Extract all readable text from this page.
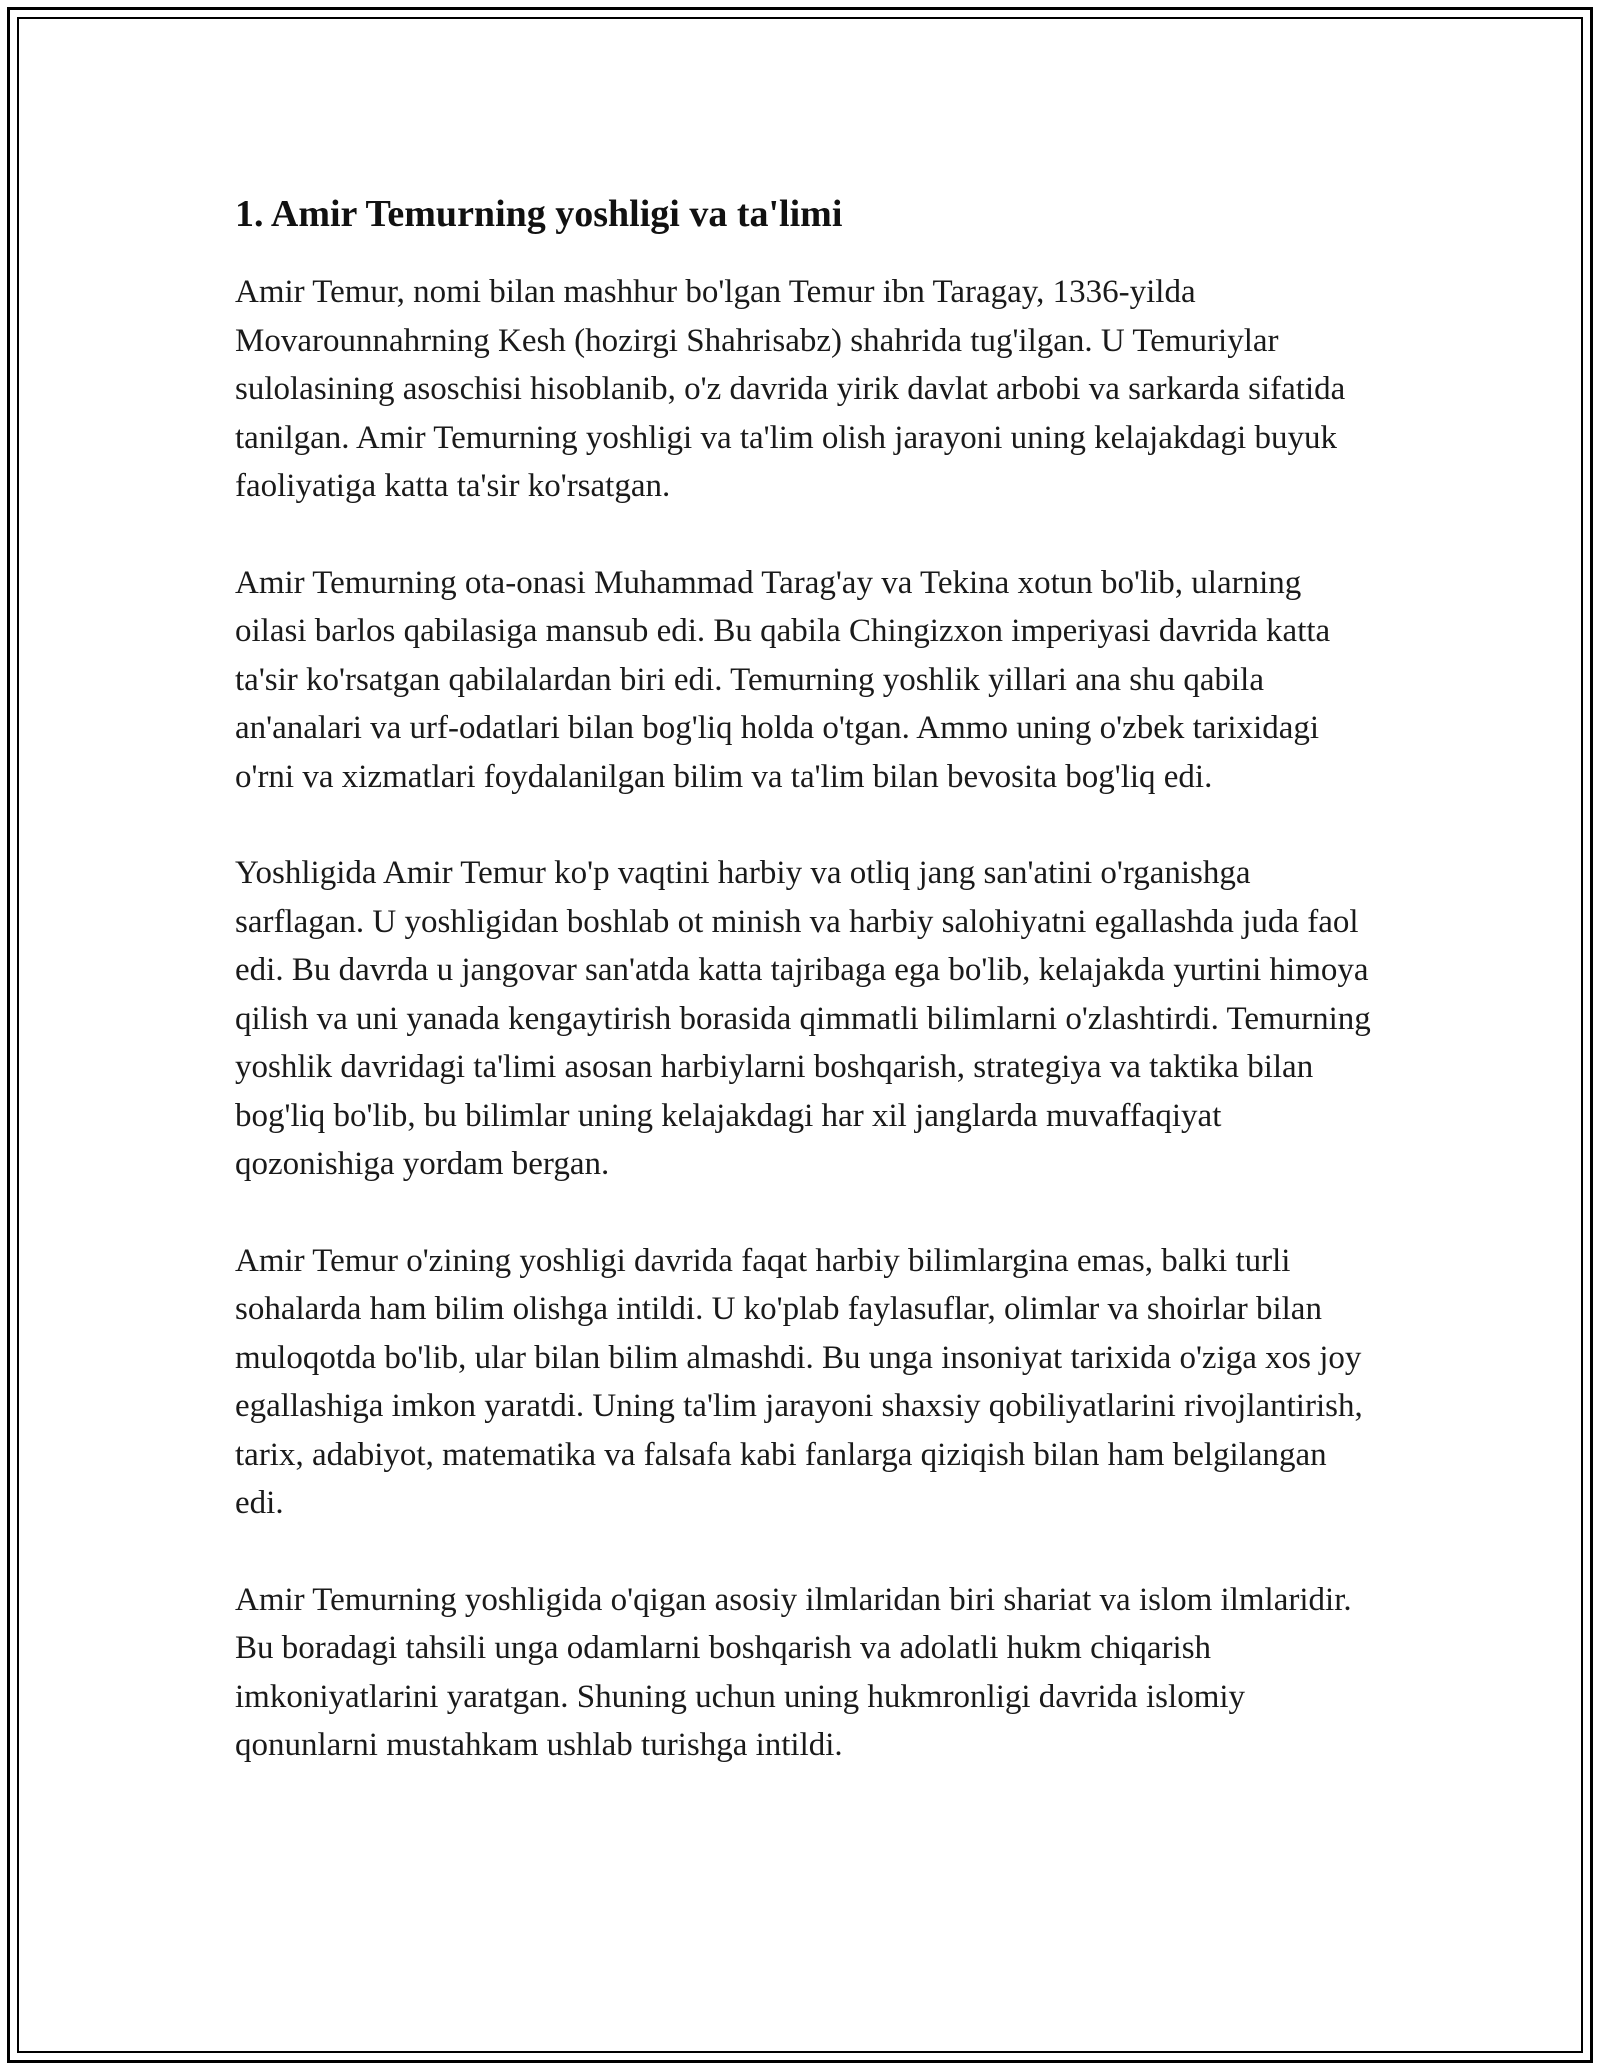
1. Amir Temurning yoshligi va ta'limi

Amir Temur, nomi bilan mashhur bo'lgan Temur ibn Taragay, 1336-yilda Movarounnahrning Kesh (hozirgi Shahrisabz) shahrida tug'ilgan. U Temuriylar sulolasining asoschisi hisoblanib, o'z davrida yirik davlat arbobi va sarkarda sifatida tanilgan. Amir Temurning yoshligi va ta'lim olish jarayoni uning kelajakdagi buyuk faoliyatiga katta ta'sir ko'rsatgan.

Amir Temurning ota-onasi Muhammad Tarag'ay va Tekina xotun bo'lib, ularning oilasi barlos qabilasiga mansub edi. Bu qabila Chingizxon imperiyasi davrida katta ta'sir ko'rsatgan qabilalardan biri edi. Temurning yoshlik yillari ana shu qabila an'analari va urf-odatlari bilan bog'liq holda o'tgan. Ammo uning o'zbek tarixidagi o'rni va xizmatlari foydalanilgan bilim va ta'lim bilan bevosita bog'liq edi.

Yoshligida Amir Temur ko'p vaqtini harbiy va otliq jang san'atini o'rganishga sarflagan. U yoshligidan boshlab ot minish va harbiy salohiyatni egallashda juda faol edi. Bu davrda u jangovar san'atda katta tajribaga ega bo'lib, kelajakda yurtini himoya qilish va uni yanada kengaytirish borasida qimmatli bilimlarni o'zlashtirdi. Temurning yoshlik davridagi ta'limi asosan harbiylarni boshqarish, strategiya va taktika bilan bog'liq bo'lib, bu bilimlar uning kelajakdagi har xil janglarda muvaffaqiyat qozonishiga yordam bergan.

Amir Temur o'zining yoshligi davrida faqat harbiy bilimlargina emas, balki turli sohalarda ham bilim olishga intildi. U ko'plab faylasuflar, olimlar va shoirlar bilan muloqotda bo'lib, ular bilan bilim almashdi. Bu unga insoniyat tarixida o'ziga xos joy egallashiga imkon yaratdi. Uning ta'lim jarayoni shaxsiy qobiliyatlarini rivojlantirish, tarix, adabiyot, matematika va falsafa kabi fanlarga qiziqish bilan ham belgilangan edi.

Amir Temurning yoshligida o'qigan asosiy ilmlaridan biri shariat va islom ilmlaridir. Bu boradagi tahsili unga odamlarni boshqarish va adolatli hukm chiqarish imkoniyatlarini yaratgan. Shuning uchun uning hukmronligi davrida islomiy qonunlarni mustahkam ushlab turishga intildi.
